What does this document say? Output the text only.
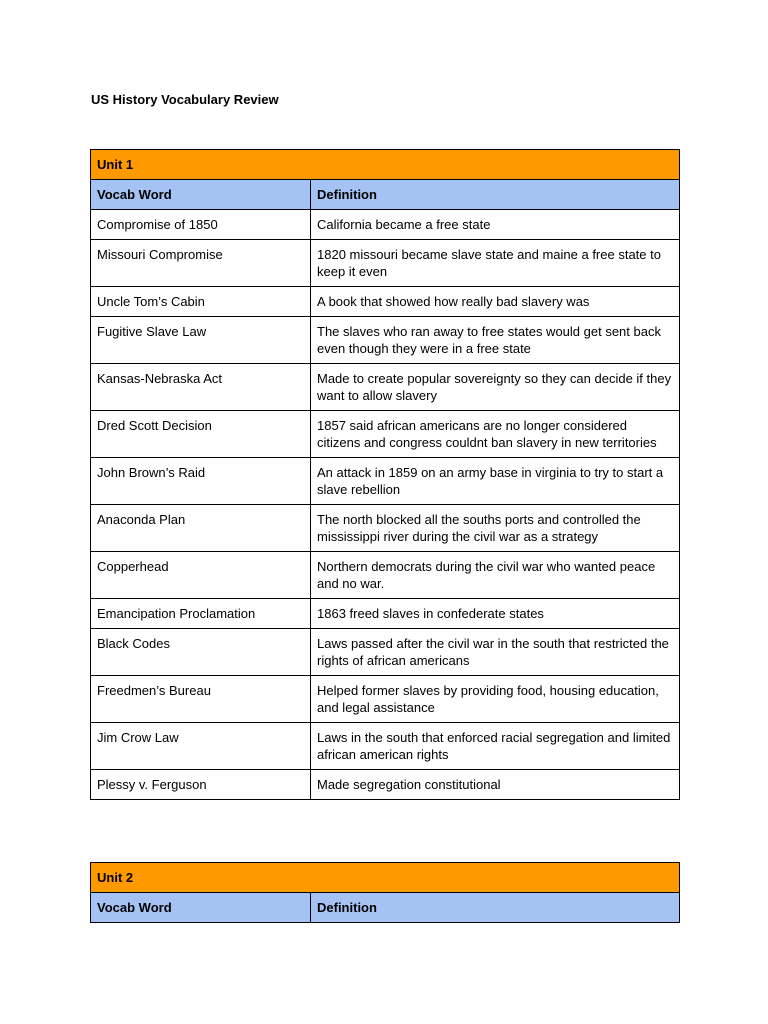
US History Vocabulary Review
Unit 1	
Vocab Word	Definition
Compromise of 1850	California became a free state
Missouri Compromise	1820 missouri became slave state and maine a free state to keep it even
Uncle Tom’s Cabin	A book that showed how really bad slavery was
Fugitive Slave Law	The slaves who ran away to free states would get sent back even though they were in a free state
Kansas-Nebraska Act	Made to create popular sovereignty so they can decide if they want to allow slavery
Dred Scott Decision	1857 said african americans are no longer considered citizens and congress couldnt ban slavery in new territories
John Brown’s Raid	An attack in 1859 on an army base in virginia to try to start a slave rebellion
Anaconda Plan	The north blocked all the souths ports and controlled the mississippi river during the civil war as a strategy
Copperhead	Northern democrats during the civil war who wanted peace and no war.
Emancipation Proclamation	1863 freed slaves in confederate states
Black Codes	Laws passed after the civil war in the south that restricted the rights of african americans
Freedmen’s Bureau	Helped former slaves by providing food, housing education, and legal assistance
Jim Crow Law	Laws in the south that enforced racial segregation and limited african american rights
Plessy v. Ferguson	Made segregation constitutional
Unit 2
Vocab Word	Definition
